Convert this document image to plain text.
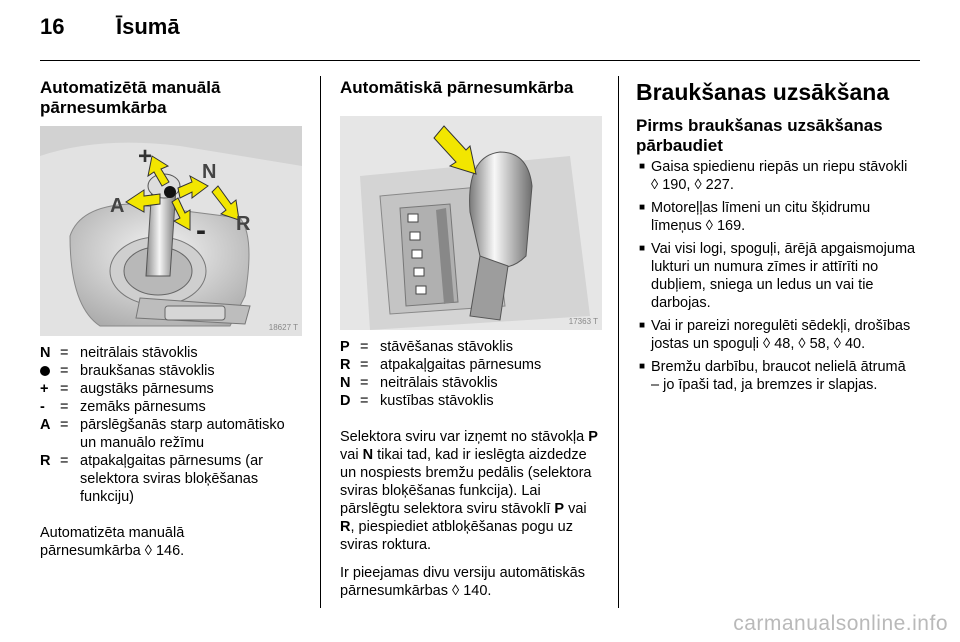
16 Īsumā
Automatizētā manuālā
pārnesumkārba
+
N
A
R
-
18627 T
N = neitrālais stāvoklis
= braukšanas stāvoklis
+ = augstāks pārnesums
-	= zemāks pārnesums
A = pārslēgšanās starp automātisko un manuālo režīmu
R = atpakaļgaitas pārnesums (ar selektora sviras bloķēšanas funkciju)

Automatizēta manuālā
pārnesumkārba ◊ 146.

Automātiskā pārnesumkārba
17363 T
P = stāvēšanas stāvoklis
R = atpakaļgaitas pārnesums
N = neitrālais stāvoklis
D = kustības stāvoklis

Selektora sviru var izņemt no stāvokļa P vai N tikai tad, kad ir ieslēgta aizdedze un nospiests bremžu pedālis (selektora sviras bloķēšanas funkcija). Lai pārslēgtu selektora sviru stāvoklī P vai R, piespiediet atbloķēšanas pogu uz sviras roktura.

Ir pieejamas divu versiju automātiskās pārnesumkārbas ◊ 140.

Braukšanas uzsākšana
Pirms braukšanas uzsākšanas pārbaudiet
■ Gaisa spiedienu riepās un riepu stāvokli ◊ 190, ◊ 227.
■ Motoreļļas līmeni un citu šķidrumu līmeņus ◊ 169.
■ Vai visi logi, spoguļi, ārējā apgaismojuma lukturi un numura zīmes ir attīrīti no dubļiem, sniega un ledus un vai tie darbojas.
■ Vai ir pareizi noregulēti sēdekļi, drošības jostas un spoguļi ◊ 48, ◊ 58, ◊ 40.
■ Bremžu darbību, braucot nelielā ātrumā – jo īpaši tad, ja bremzes ir slapjas.
carmanualsonline.info
